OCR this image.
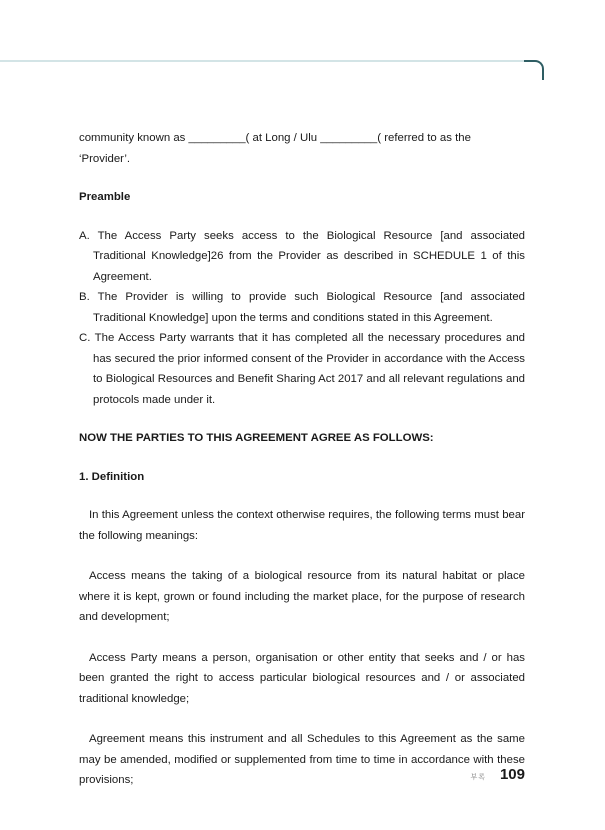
community known as _________( at Long / Ulu _________( referred to as the ‘Provider’.

Preamble

A. The Access Party seeks access to the Biological Resource [and associated Traditional Knowledge]26 from the Provider as described in SCHEDULE 1 of this Agreement.
B. The Provider is willing to provide such Biological Resource [and associated Traditional Knowledge] upon the terms and conditions stated in this Agreement.
C. The Access Party warrants that it has completed all the necessary procedures and has secured the prior informed consent of the Provider in accordance with the Access to Biological Resources and Benefit Sharing Act 2017 and all relevant regulations and protocols made under it.

NOW THE PARTIES TO THIS AGREEMENT AGREE AS FOLLOWS:

1. Definition

In this Agreement unless the context otherwise requires, the following terms must bear the following meanings:

Access means the taking of a biological resource from its natural habitat or place where it is kept, grown or found including the market place, for the purpose of research and development;

Access Party means a person, organisation or other entity that seeks and / or has been granted the right to access particular biological resources and / or associated traditional knowledge;

Agreement means this instrument and all Schedules to this Agreement as the same may be amended, modified or supplemented from time to time in accordance with these provisions;	부록 109
